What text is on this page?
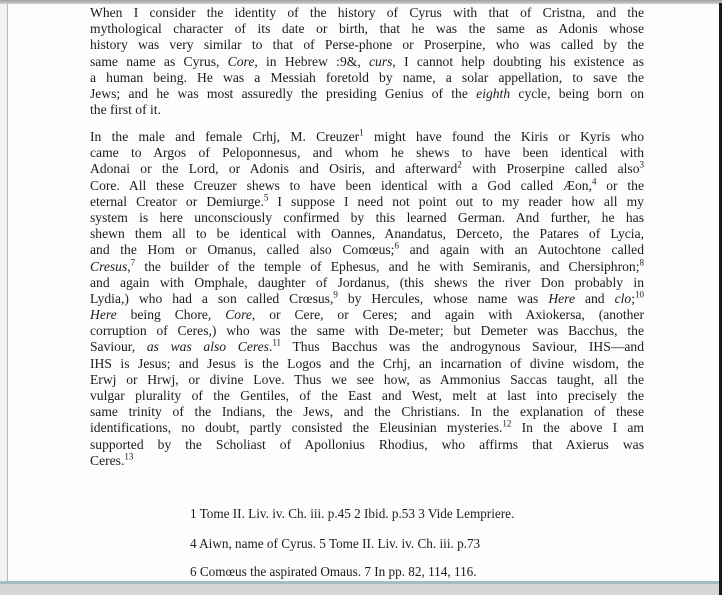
When I consider the identity of the history of Cyrus with that of Cristna, and the
mythological character of its date or birth, that he was the same as Adonis whose
history was very similar to that of Perse-phone or Proserpine, who was called by the
same name as Cyrus, Core, in Hebrew :9&, curs, I cannot help doubting his existence as
a human being. He was a Messiah foretold by name, a solar appellation, to save the
Jews; and he was most assuredly the presiding Genius of the eighth cycle, being born on
the first of it.
In the male and female Crhj, M. Creuzer$^1$ might have found the Kiris or Kyris who
came to Argos of Peloponnesus, and whom he shews to have been identical with
Adonai or the Lord, or Adonis and Osiris, and afterward$^2$ with Proserpine called also$^3$
Core. All these Creuzer shews to have been identical with a God called Æon,$^4$ or the
eternal Creator or Demiurge.$^5$ I suppose I need not point out to my reader how all my
system is here unconsciously confirmed by this learned German. And further, he has
shewn them all to be identical with Oannes, Anandatus, Derceto, the Patares of Lycia,
and the Hom or Omanus, called also Comœus;$^6$ and again with an Autochtone called
Cresus,$^7$ the builder of the temple of Ephesus, and he with Semiranis, and Chersiphron;$^8$
and again with Omphale, daughter of Jordanus, (this shews the river Don probably in
Lydia,) who had a son called Crœsus,$^9$ by Hercules, whose name was Here and clo;$^{10}$
Here being Chore, Core, or Cere, or Ceres; and again with Axiokersa, (another
corruption of Ceres,) who was the same with De-meter; but Demeter was Bacchus, the
Saviour, as was also Ceres.$^{11}$ Thus Bacchus was the androgynous Saviour, IHS—and
IHS is Jesus; and Jesus is the Logos and the Crhj, an incarnation of divine wisdom, the
Erwj or Hrwj, or divine Love. Thus we see how, as Ammonius Saccas taught, all the
vulgar plurality of the Gentiles, of the East and West, melt at last into precisely the
same trinity of the Indians, the Jews, and the Christians. In the explanation of these
identifications, no doubt, partly consisted the Eleusinian mysteries.$^{12}$ In the above I am
supported by the Scholiast of Apollonius Rhodius, who affirms that Axierus was
Ceres.$^{13}$
1 Tome II. Liv. iv. Ch. iii. p.45 2 Ibid. p.53 3 Vide Lempriere.
4 Aiwn, name of Cyrus. 5 Tome II. Liv. iv. Ch. iii. p.73
6 Comœus the aspirated Omaus. 7 In pp. 82, 114, 116.
